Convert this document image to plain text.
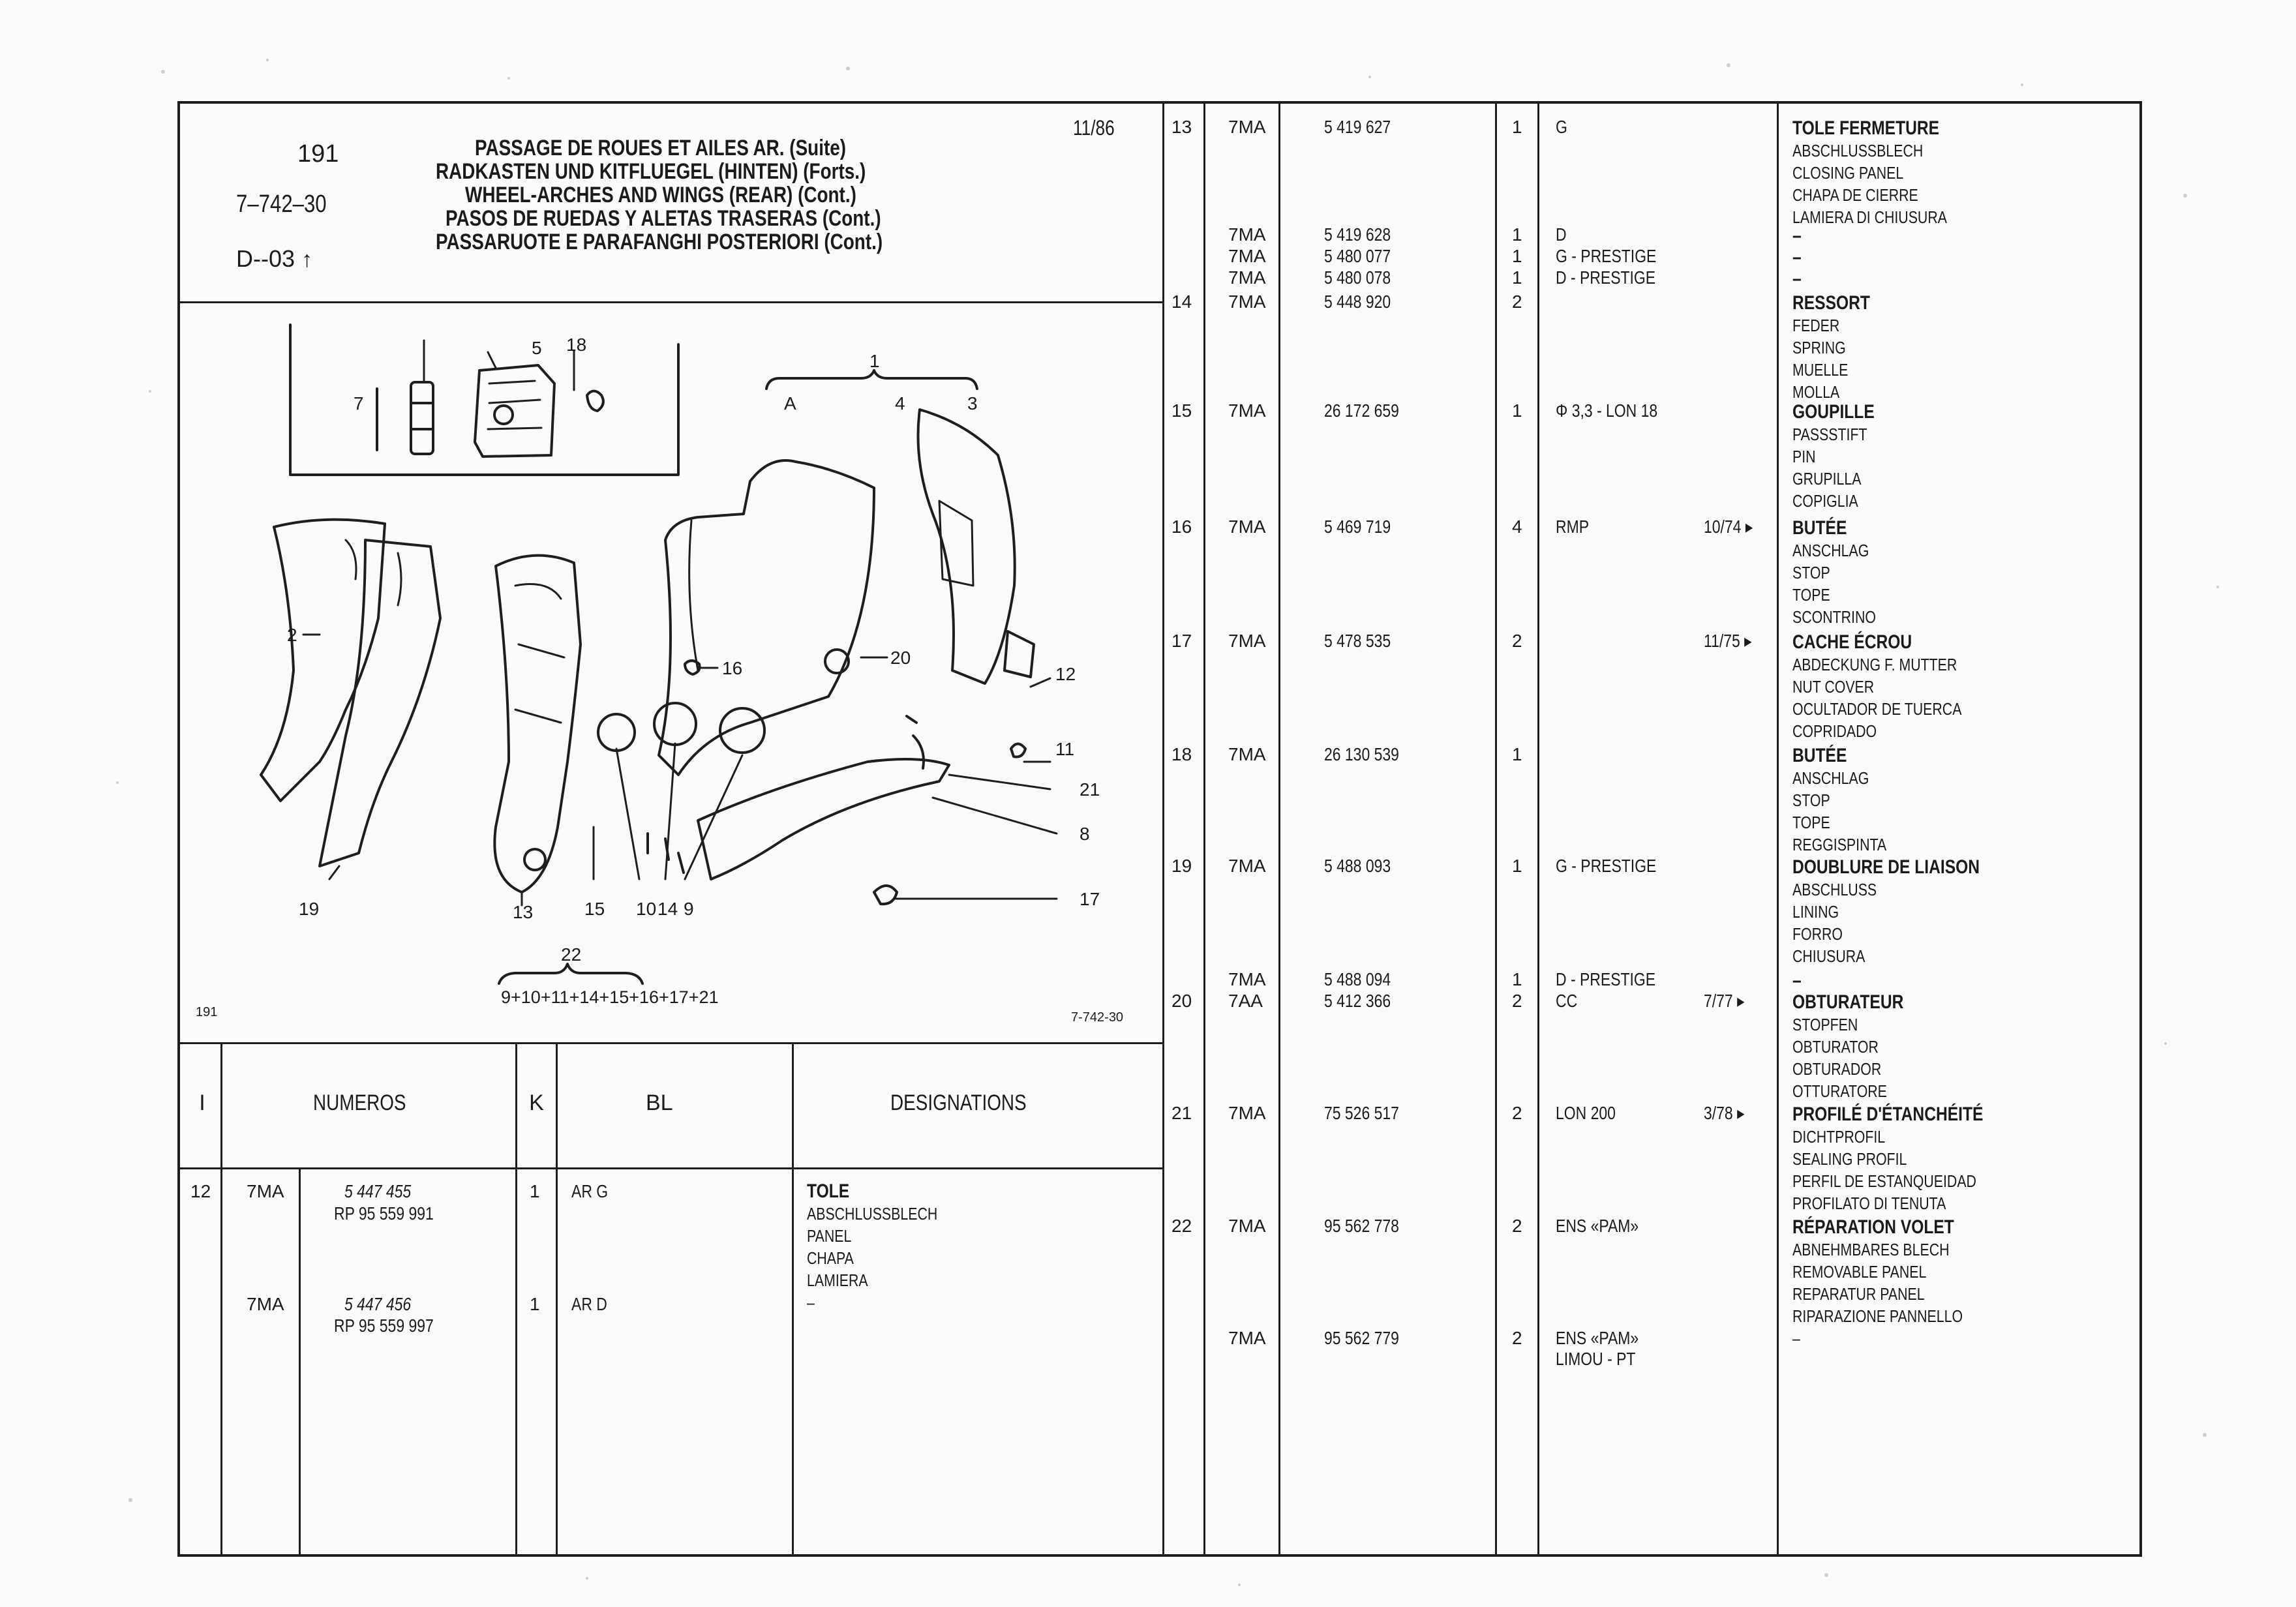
191
7–742–30
D--03 ↑
11/86
PASSAGE DE ROUES ET AILES AR. (Suite)
RADKASTEN UND KITFLUEGEL (HINTEN) (Forts.)
WHEEL-ARCHES AND WINGS (REAR) (Cont.)
PASOS DE RUEDAS Y ALETAS TRASERAS (Cont.)
PASSARUOTE E PARAFANGHI POSTERIORI (Cont.)
1
2
3
4
5
7
8
9
10
11
12
13	14
15
16
17
18
19
20
21
A
22
9+10+11+14+15+16+17+21
191	7-742-30
I	NUMEROS	K	BL	DESIGNATIONS
12 7MA	5 447 455
RP 95 559 991
1 AR G	TOLE
ABSCHLUSSBLECH
PANEL
CHAPA
LAMIERA
–
7MA	5 447 456
RP 95 559 997
1 AR D
13 7MA	5 419 627	1 G	TOLE FERMETURE
ABSCHLUSSBLECH
CLOSING PANEL
CHAPA DE CIERRE
LAMIERA DI CHIUSURA
7MA	5 419 628	1 D	–
7MA	5 480 077	1 G - PRESTIGE	–
7MA	5 480 078	1 D - PRESTIGE	–
14 7MA	5 448 920	2	RESSORT
FEDER
SPRING
MUELLE
MOLLA
15 7MA	26 172 659	1 Φ 3,3 - LON 18	GOUPILLE
PASSSTIFT
PIN
GRUPILLA
COPIGLIA
16 7MA	5 469 719	4 RMP	10/74 ▸ BUTÉE
ANSCHLAG
STOP
TOPE
SCONTRINO
17 7MA	5 478 535	2	11/75 ▸ CACHE ÉCROU
ABDECKUNG F. MUTTER
NUT COVER
OCULTADOR DE TUERCA
COPRIDADO
18 7MA	26 130 539	1	BUTÉE
ANSCHLAG
STOP
TOPE
REGGISPINTA
19 7MA	5 488 093	1 G - PRESTIGE	DOUBLURE DE LIAISON
ABSCHLUSS
LINING
FORRO
CHIUSURA
7MA	5 488 094	1 D - PRESTIGE	–
20 7AA	5 412 366	2 CC	7/77 ▸ OBTURATEUR
STOPFEN
OBTURATOR
OBTURADOR
OTTURATORE
21 7MA	75 526 517	2 LON 200	3/78 ▸ PROFILÉ D'ÉTANCHÉITÉ
DICHTPROFIL
SEALING PROFIL
PERFIL DE ESTANQUEIDAD
PROFILATO DI TENUTA
22 7MA	95 562 778	2 ENS «PAM»	RÉPARATION VOLET
ABNEHMBARES BLECH
REMOVABLE PANEL
REPARATUR PANEL
RIPARAZIONE PANNELLO
–
7MA	95 562 779	2 ENS «PAM»
LIMOU - PT
